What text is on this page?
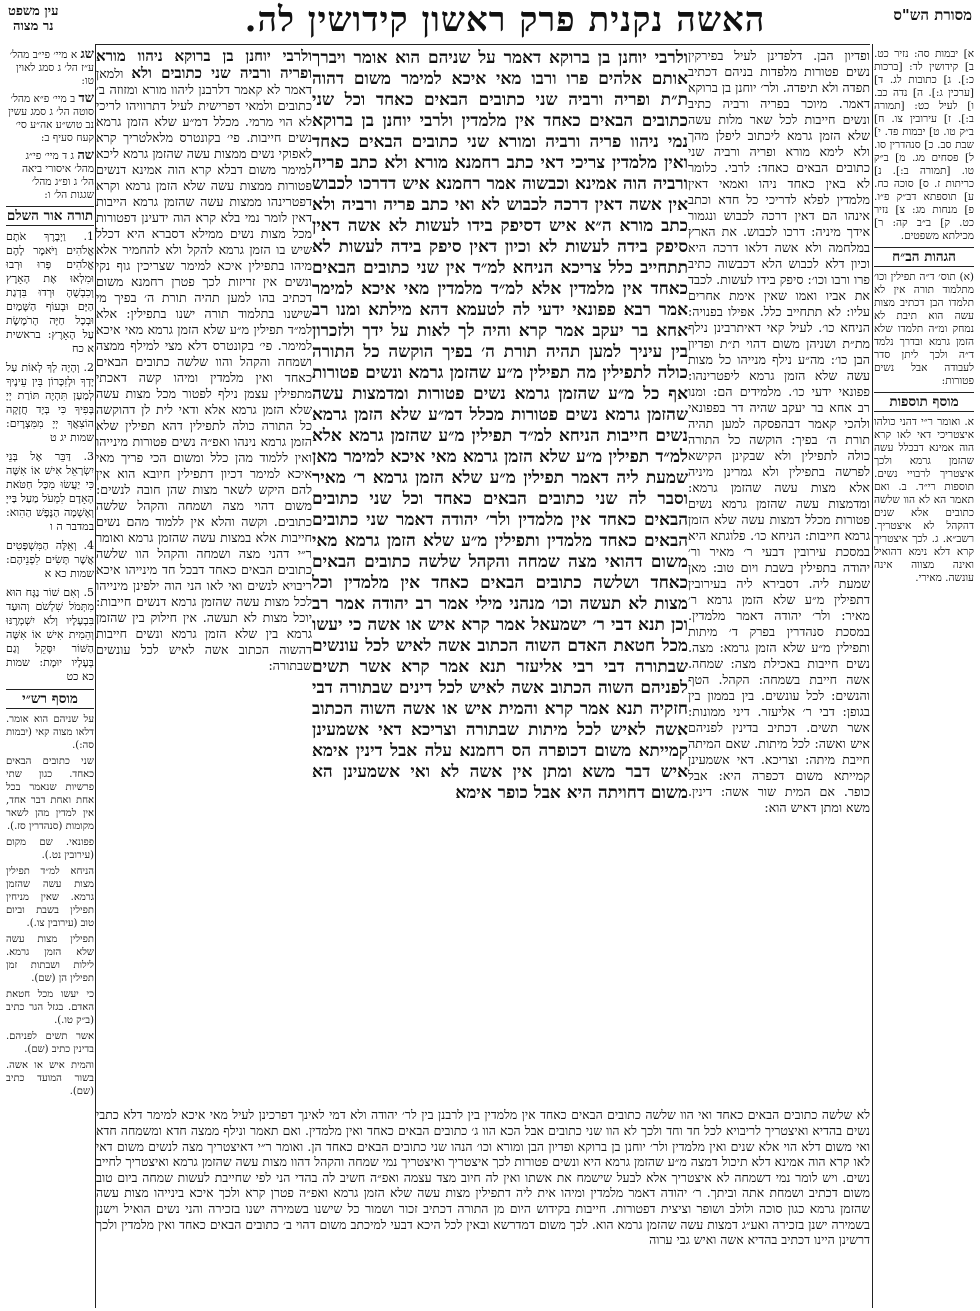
מסורת הש"ס
האשה נקנית פרק ראשון קידושין לה.
עין משפט
נר מצוה

ופדיון הבן. דלפדינן לעיל בפירקין נשים פטורות מלפדות בניהם דכתיב תפדה ולא תיפדה. ולר׳ יוחנן בן ברוקא דאמר. מיוכר בפריה ורביה כתיב ונשים חייבות לכל שאר מלות עשה שלא הזמן גרמא ליכתוב ליפלן מהך ולא לימא מורא ופריה ורביה שני כתובים הבאים כאחד: לרבי. כלומר לא באין כאחד ניהו ואמאי דאין מלמדין לפלא לדריכי כל חדא וכתב אינהו הם דאין דרכה לכבוש ונגמור אידך מיניה: דרכו לכבוש. את הארץ במלחמה ולא אשה דלאו דרכה היא וכיון דלא לכבוש הלא דכבשוה כתיב פרו ורבו וכו׳: סיפק בידו לעשות. לכבד את אביו ואמו שאין אימת אחרים עליו: לא תתחייב כלל. אפילו בפנויה: הניחא כו׳. לעיל קאי דאיתרבינן נילף מת״ת ושניהן משום דהוי ת״ת ופדיון הבן כו׳: מה״ע נילף מנייהו כל מצות עשה שלא הזמן גרמא ליפטרינהו: פפונאי ידעי כו׳. מלמידים הם: ומנו רב אחא בר יעקב שהיה דר בפפונאי ולהכי קאמר דבהפסקה למען תהיה תורת ה׳ בפיך: הוקשה כל התורה כולה לתפילין ולא שבקינן הקישא לפרשה בתפילין ולא גמרינן מיניה אלא מצות עשה שהזמן גרמא: ומדמצות עשה שהזמן גרמא נשים פטורות מכלל דמצות עשה שלא הזמן גרמא חייבות: הניחא כו׳. פלוגתא היא במסכת עירובין דבעי ר׳ מאיר ור׳ יהודה בתפילין בשבת ויום טוב: מאן שמעת ליה. דסבירא ליה בעירובין דתפילין מ״ע שלא הזמן גרמא ר׳ מאיר: ולר׳ יהודה דאמר מלמדין. במסכת סנהדרין בפרק ד׳ מיתות ותפילין מ״ע שלא הזמן גרמא: מצה. נשים חייבות באכילת מצה: שמחה. אשה חייבת בשמחה: הקהל. הטף והנשים: לכל עונשים. בין בממון בין בגופן: דבי ר׳ אליעזר. דיני ממונות: אשר תשים. דכתיב בדינין לפניהם איש ואשה: לכל מיתות. שאם המיתה חייבת מיתה: וצריכא. דאי אשמעינן קמייתא משום דכפרה היא: אבל כופר. אם המית שור אשה: דינין. משא ומתן דאיש הוא:

ולרבי יוחנן בן ברוקא דאמר על שניהם הוא אומר ויברך אותם אלהים פרו ורבו מאי איכא למימר משום דהוה ת״ת ופריה ורביה שני כתובים הבאים כאחד וכל שני כתובים הבאים כאחד אין מלמדין ולרבי יוחנן בן ברוקא נמי ניהוו פריה ורביה ומורא שני כתובים הבאים כאחד ואין מלמדין צריכי דאי כתב רחמנא מורא ולא כתב פריה ורביה הוה אמינא וכבשוה אמר רחמנא איש דדרכו לכבוש אין אשה דאין דרכה לכבוש לא ואי כתב פריה ורביה ולא כתב מורא ה״א איש דסיפק בידו לעשות לא אשה דאין סיפק בידה לעשות לא וכיון דאין סיפק בידה לעשות לא תתחייב כלל צריכא הניחא למ״ד אין שני כתובים הבאים כאחד אין מלמדין אלא למ״ד מלמדין מאי איכא למימר אמר רבא פפונאי ידעי לה לטעמא דהא מילתא ומנו רב אחא בר יעקב אמר קרא והיה לך לאות על ידך ולזכרון בין עיניך למען תהיה תורת ה׳ בפיך הוקשה כל התורה כולה לתפילין מה תפילין מ״ע שהזמן גרמא ונשים פטורות אף כל מ״ע שהזמן גרמא נשים פטורות ומדמצות עשה שהזמן גרמא נשים פטורות מכלל דמ״ע שלא הזמן גרמא נשים חייבות הניחא למ״ד תפילין מ״ע שהזמן גרמא אלא למ״ד תפילין מ״ע שלא הזמן גרמא מאי איכא למימר מאן שמעת ליה דאמר תפילין מ״ע שלא הזמן גרמא ר׳ מאיר וסבר לה שני כתובים הבאים כאחד וכל שני כתובים הבאים כאחד אין מלמדין ולר׳ יהודה דאמר שני כתובים הבאים כאחד מלמדין ותפילין מ״ע שלא הזמן גרמא מאי משום דהואי מצה שמחה והקהל שלשה כתובים הבאים כאחד ושלשה כתובים הבאים כאחד אין מלמדין וכל מצות לא תעשה וכו׳ מנהני מילי אמר רב יהודה אמר רב וכן תנא דבי ר׳ ישמעאל אמר קרא איש או אשה כי יעשו מכל חטאת האדם השוה הכתוב אשה לאיש לכל עונשים שבתורה דבי רבי אליעזר תנא אמר קרא אשר תשים לפניהם השוה הכתוב אשה לאיש לכל דינים שבתורה דבי חזקיה תנא אמר קרא והמית איש או אשה השוה הכתוב אשה לאיש לכל מיתות שבתורה וצריכא דאי אשמעינן קמייתא משום דכופרה הס רחמנא עלה אבל דינין אימא איש דבר משא ומתן אין אשה לא ואי אשמעינן הא משום דחויתה היא אבל כופר אימא

ולרבי יוחנן בן ברוקא ניהוו מורא ופריה ורביה שני כתובים ולא ולמאן דאמר לא קאמר דלרבנן ליהוו מורא ומזוזה ב׳ כתובים ולמאי דפרישית לעיל דתרוויהו לריכי לא הוי מרמי. מכלל דמ״ע שלא הזמן גרמא נשים חייבות. פי׳ בקונטרס מלאלטריך קרא לאפוקי נשים ממצות עשה שהזמן גרמא ליכא למימר משום דבלא קרא הוה אמינא דנשים פטורות ממצות עשה שלא הזמן גרמא וקרא דפטרינהו ממצות עשה שהזמן גרמא הייבות דאין לומר נמי בלא קרא הוה ידעינן דפטורות מכל מצות נשים ממילא דסברא היא דכלל שיש בו הזמן גרמא להקל ולא להחמיר אלא מיהו בתפילין איכא למימר שצריכין גוף נקי ונשים אין זריזות לכך פטרן רחמנא משום דכתיב בהו למען תהיה תורת ה׳ בפיך מי שישנו בתלמוד תורה ישנו בתפילין: אלא למ״ד תפילין מ״ע שלא הזמן גרמא מאי איכא למימר. פי׳ בקונטרס דלא מצי למילף ממצה ושמחה והקהל והוו שלשה כתובים הבאים כאחד ואין מלמדין ומיהו קשה דאכתי מתפילין עצמן נילף לפטור מכל מצות עשה שלא הזמן גרמא אלא ודאי לית לן דהוקשה כל התורה כולה לתפילין דהא תפילין שלא הזמן גרמא נינהו ואפ״ה נשים פטורות מינייהו ואין ללמוד מהן כלל ומשום הכי פריך מאי איכא למימר דכיון דתפילין חיובא הוא אין להם היקש לשאר מצות שהן חובה לנשים: משום דהוי מצה ושמחה והקהל שלשה כתובים. וקשה והלא אין ללמוד מהם נשים חייבות אלא במצות עשה שהזמן גרמא ואומר ר״י דהני מצה ושמחה והקהל הוו שלשה כתובים הבאים כאחד דבכל חד מינייהו איכא ריבויא לנשים ואי לאו הני הוה ילפינן מינייהו לכל מצות עשה שהזמן גרמא דנשים חייבות: יוכל מצות לא תעשה. אין חילוק בין שהזמן גרמא בין שלא הזמן גרמא ונשים חייבות דהשוה הכתוב אשה לאיש לכל עונשים שבתורה:

לא שלשה כתובים הבאים כאחד ואי הוו שלשה כתובים הבאים כאחד אין מלמדין בין לרבנן בין לר׳ יהודה ולא דמי לאינך דפרכינן לעיל מאי איכא למימר דלא כתבי נשים בהדיא ואיצטריך לריבויא לכל חד וחד ולכך לא הוו שני כתובים אבל הכא הוו ג׳ כתובים הבאים כאחד ואין מלמדין. ואם תאמר ונילף ממצה חדא ומשמחה חדא ואי משום דלא הוי אלא שנים ואין מלמדין ולר׳ יוחנן בן ברוקא ופדיון הבן ומורא וכו׳ הנהו שני כתובים הבאים כאחד הן. ואומר ר״י דאיצטריך מצה לנשים משום דאי לאו קרא הוה אמינא דלא תיכול דמצה מ״ע שהזמן גרמא היא ונשים פטורות לכך איצטריך ואיצטריך נמי שמחה והקהל דהוו מצות עשה שהזמן גרמא ואיצטריך לחייב נשים. ויש לומר נמי דשמחה לא איצטריך אלא לבעל שישמח את אשתו ואין לה חיוב מצד עצמה ואפ״ה חשיב לה בהדי הני לפי שחייבת לעשות שמחה ביום טוב משום דכתיב ושמחת אתה וביתך. ר׳ יהודה דאמר מלמדין ומיהו אית ליה דתפילין מצות עשה שלא הזמן גרמא ואפ״ה פטרן קרא ולכך איכא בינייהו מצות עשה שהזמן גרמא כגון סוכה ולולב ושופר וציצית דפטורות. חייבות בקידוש היום מן התורה דכתיב זכור ושמור כל שישנו בשמירה ישנו בזכירה והני נשים הואיל וישנן בשמירה ישנן בזכירה ואע״ג דמצות עשה שהזמן גרמא הוא. לכך משום דמדרשא ובאין לכל היכא דבעי למיכתב משום דהוי ב׳ כתובים הבאים כאחד ואין מלמדין ולכך דרשינן היינו דכתיב בהדיא אשה ואיש גבי ערוה

א] יבמות סה: נזיר כט. ב] קידושין לד: [ברכות כ:]. ג] כתובות לג. ד] [ערכין ג:]. ה] נדה כב. ו] לעיל כט: [תמורה ב:]. ז] עירובין צו. ח] ב״ק טו. ט] יבמות פד. י] שבת סב. כ] סנהדרין סו. ל] פסחים מג. מ] ב״ק טו. [תמורה ב:]. נ] כריתות ז. ס] סוכה כח. ע] תוספתא דב״ק פ״ו. פ] מנחות מג: צ] נזיר כט. ק] ב״ב קה: ר] מכילתא משפטים.
הגהות הב״ח
(א) תוס׳ ד״ה תפילין וכו׳ מתלמוד תורה אין לא תלמדו הבן דכתיב מצות עשה הוא תיבת לא נמחק ומ״ה תלמדו שלא הזמן גרמא ובדרך נלמד ד״ה ולכך ליתן סדר לעבודה אבל נשים פטורות:
מוסף תוספות
א. ואומר ר״י דהני כולהו איצטריכי דאי לאו קרא הוה אמינא דבכלל עשה שהזמן גרמא ולכך איצטריך לרבויי נשים. תוספות רי״ד. ב. ואם תאמר הא לא הוו שלשה כתובים אלא שנים דהקהל לא איצטריך. רשב״א. ג. לכך איצטריך קרא דלא נימא דהואיל ואינה מצווה אינה עונשה. מאירי.
שג א מיי׳ פי״ב מהל׳ ע״ז הל׳ ג סמג לאוין טו:
שד ב מיי׳ פ״א מהל׳ סוטה הל׳ ג סמג עשין נב טוש״ע אה״ע סי׳ קעח סעיף ב:
שה ג ד מיי׳ פי״ג מהל׳ איסורי ביאה הל׳ ג ופ״ג מהל׳ שגגות הל׳ ו:
תורה אור השלם
1. וַיְבָרֶךְ אֹתָם אֱלֹהִים וַיֹּאמֶר לָהֶם אֱלֹהִים פְּרוּ וּרְבוּ וּמִלְאוּ אֶת הָאָרֶץ וְכִבְשֻׁהָ וּרְדוּ בִּדְגַת הַיָּם וּבְעוֹף הַשָּׁמַיִם וּבְכָל חַיָּה הָרֹמֶשֶׂת עַל הָאָרֶץ: בראשית א כח
2. וְהָיָה לְךָ לְאוֹת עַל יָדְךָ וּלְזִכָּרוֹן בֵּין עֵינֶיךָ לְמַעַן תִּהְיֶה תּוֹרַת יְיָ בְּפִיךָ כִּי בְּיָד חֲזָקָה הוֹצִאֲךָ יְיָ מִמִּצְרָיִם: שמות יג ט
3. דַּבֵּר אֶל בְּנֵי יִשְׂרָאֵל אִישׁ אוֹ אִשָּׁה כִּי יַעֲשׂוּ מִכָּל חַטֹּאת הָאָדָם לִמְעֹל מַעַל בַּייָ וְאָשְׁמָה הַנֶּפֶשׁ הַהִוא: במדבר ה ו
4. וְאֵלֶּה הַמִּשְׁפָּטִים אֲשֶׁר תָּשִׂים לִפְנֵיהֶם: שמות כא א
5. וְאִם שׁוֹר נַגָּח הוּא מִתְּמֹל שִׁלְשֹׁם וְהוּעַד בִּבְעָלָיו וְלֹא יִשְׁמְרֶנּוּ וְהֵמִית אִישׁ אוֹ אִשָּׁה הַשּׁוֹר יִסָּקֵל וְגַם בְּעָלָיו יוּמָת: שמות כא כט
מוסף רש״י
על שניהם הוא אומר. דלאו מצוה קאי (יבמות סה:).
שני כתובים הבאים כאחד. כגון שתי פרשיות שנאמר בכל אחת ואחת דבר אחד, אין למדין מהן לשאר מקומות (סנהדרין סז.).
פפונאי. שם מקום (עירובין נט.).
הניחא למ״ד תפילין מצות עשה שהזמן גרמא. שאין מניחין תפילין בשבת וביום טוב (עירובין צו.).
תפילין מצות עשה שלא הזמן גרמא. לילות ושבתות זמן תפילין הן (שם).
כי יעשו מכל חטאת האדם. בגזל הגר כתיב (ב״ק טו.).
אשר תשים לפניהם. בדינין כתיב (שם).
והמית איש או אשה. בשור המועד כתיב (שם).
